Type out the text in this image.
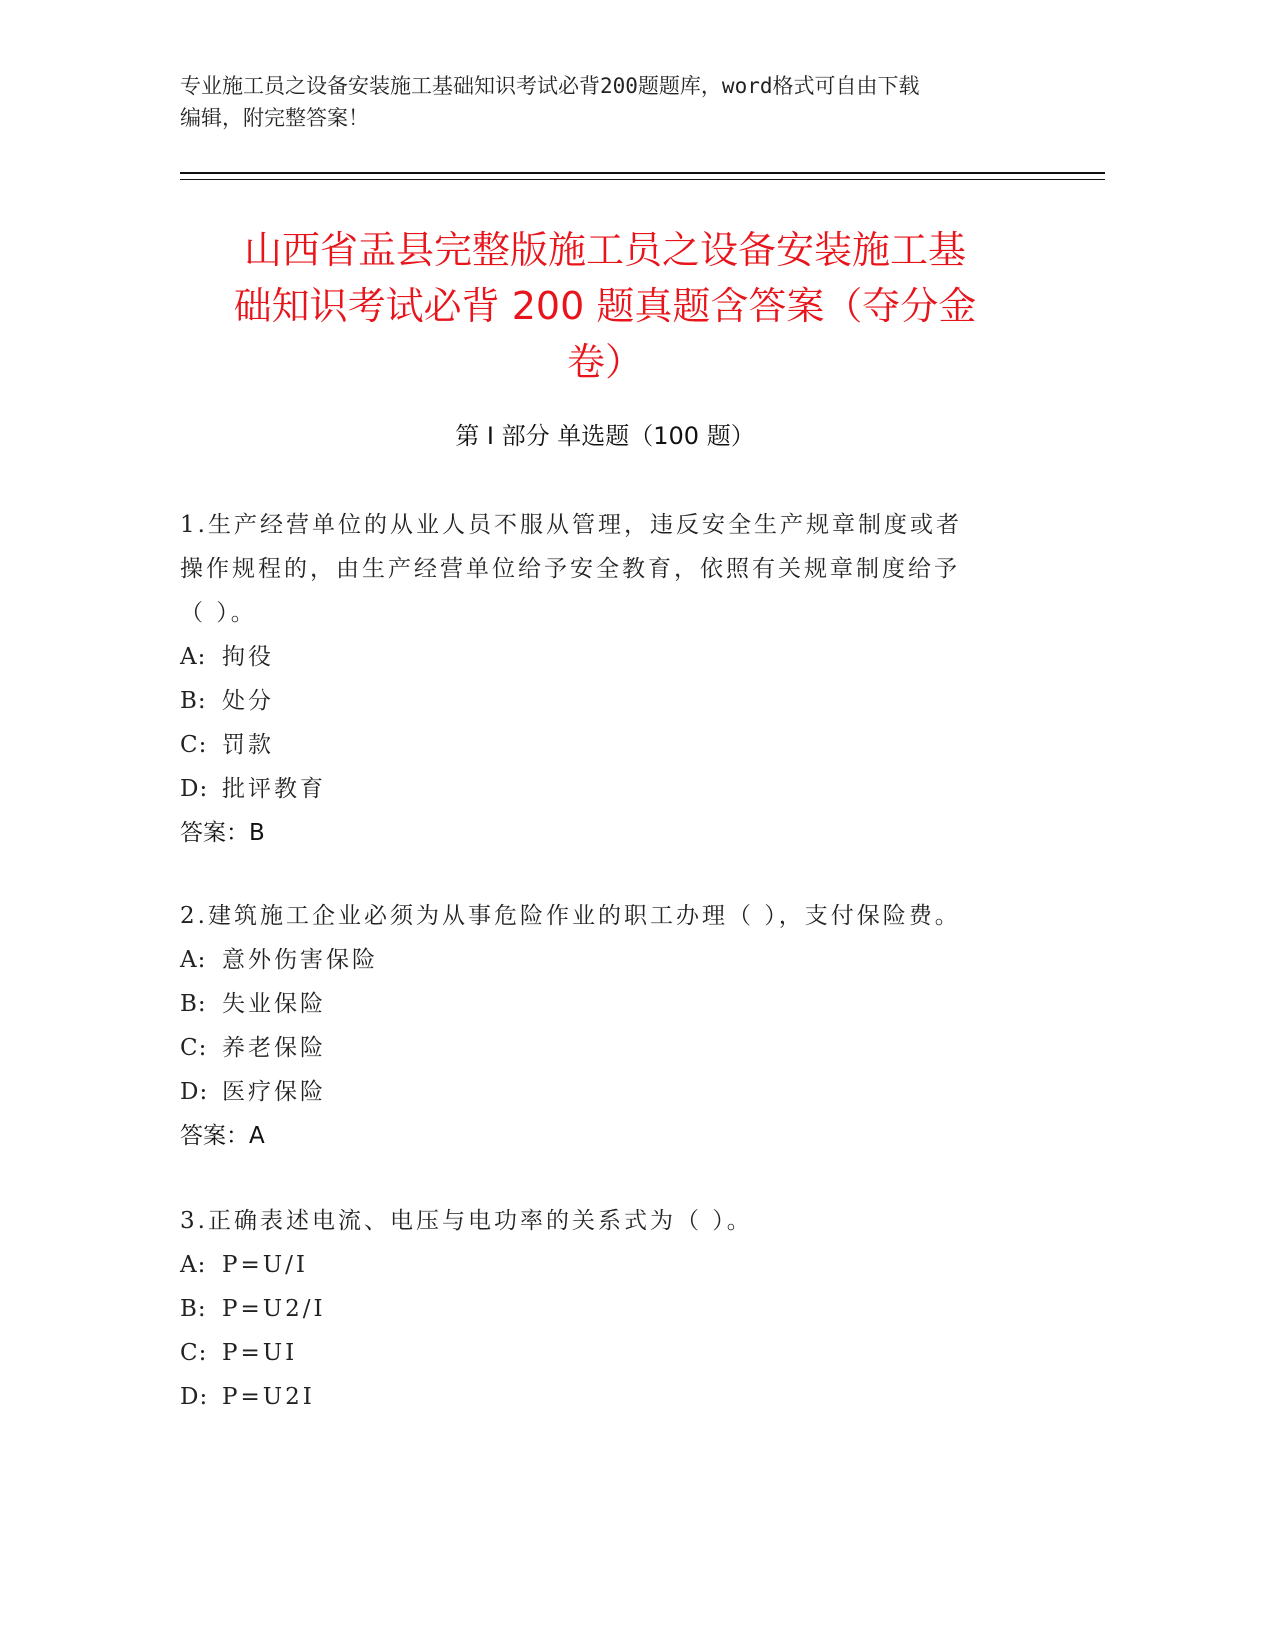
专业施工员之设备安装施工基础知识考试必背200题题库，word格式可自由下载
编辑，附完整答案！
山西省盂县完整版施工员之设备安装施工基
础知识考试必背 200 题真题含答案（夺分金
卷）
第 I 部分 单选题（100 题）
1.生产经营单位的从业人员不服从管理，违反安全生产规章制度或者
操作规程的，由生产经营单位给予安全教育，依照有关规章制度给予
（ ）。
A: 拘役
B: 处分
C: 罚款
D: 批评教育
答案：B
2.建筑施工企业必须为从事危险作业的职工办理（ ），支付保险费。
A: 意外伤害保险
B: 失业保险
C: 养老保险
D: 医疗保险
答案：A
3.正确表述电流、电压与电功率的关系式为（ ）。
A: P=U/I
B: P=U2/I
C: P=UI
D: P=U2I
